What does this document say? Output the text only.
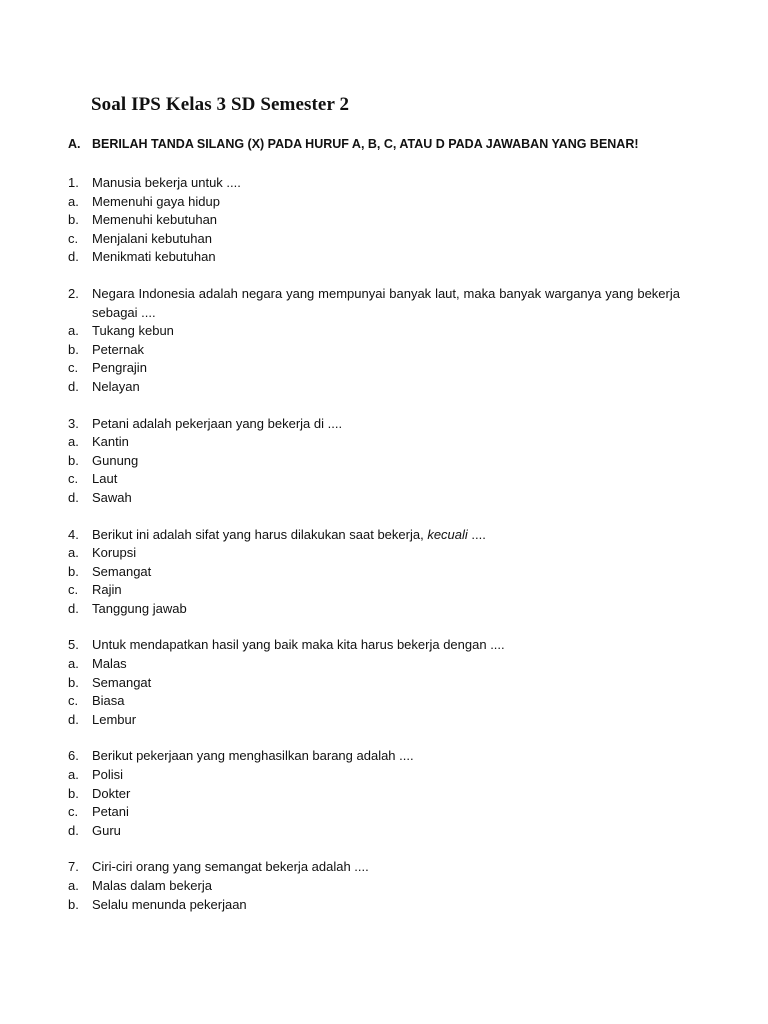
Soal IPS Kelas 3 SD Semester 2
A. BERILAH TANDA SILANG (X) PADA HURUF A, B, C, ATAU D PADA JAWABAN YANG BENAR!
1.	Manusia bekerja untuk ....
a.	Memenuhi gaya hidup
b.	Memenuhi kebutuhan
c.	Menjalani kebutuhan
d.	Menikmati kebutuhan
2.	Negara Indonesia adalah negara yang mempunyai banyak laut, maka banyak warganya yang bekerja sebagai ....
a.	Tukang kebun
b.	Peternak
c.	Pengrajin
d.	Nelayan
3.	Petani adalah pekerjaan yang bekerja di ....
a.	Kantin
b.	Gunung
c.	Laut
d.	Sawah
4.	Berikut ini adalah sifat yang harus dilakukan saat bekerja, kecuali ....
a.	Korupsi
b.	Semangat
c.	Rajin
d.	Tanggung jawab
5.	Untuk mendapatkan hasil yang baik maka kita harus bekerja dengan ....
a.	Malas
b.	Semangat
c.	Biasa
d.	Lembur
6.	Berikut pekerjaan yang menghasilkan barang adalah ....
a.	Polisi
b.	Dokter
c.	Petani
d.	Guru
7.	Ciri-ciri orang yang semangat bekerja adalah ....
a.	Malas dalam bekerja
b.	Selalu menunda pekerjaan
